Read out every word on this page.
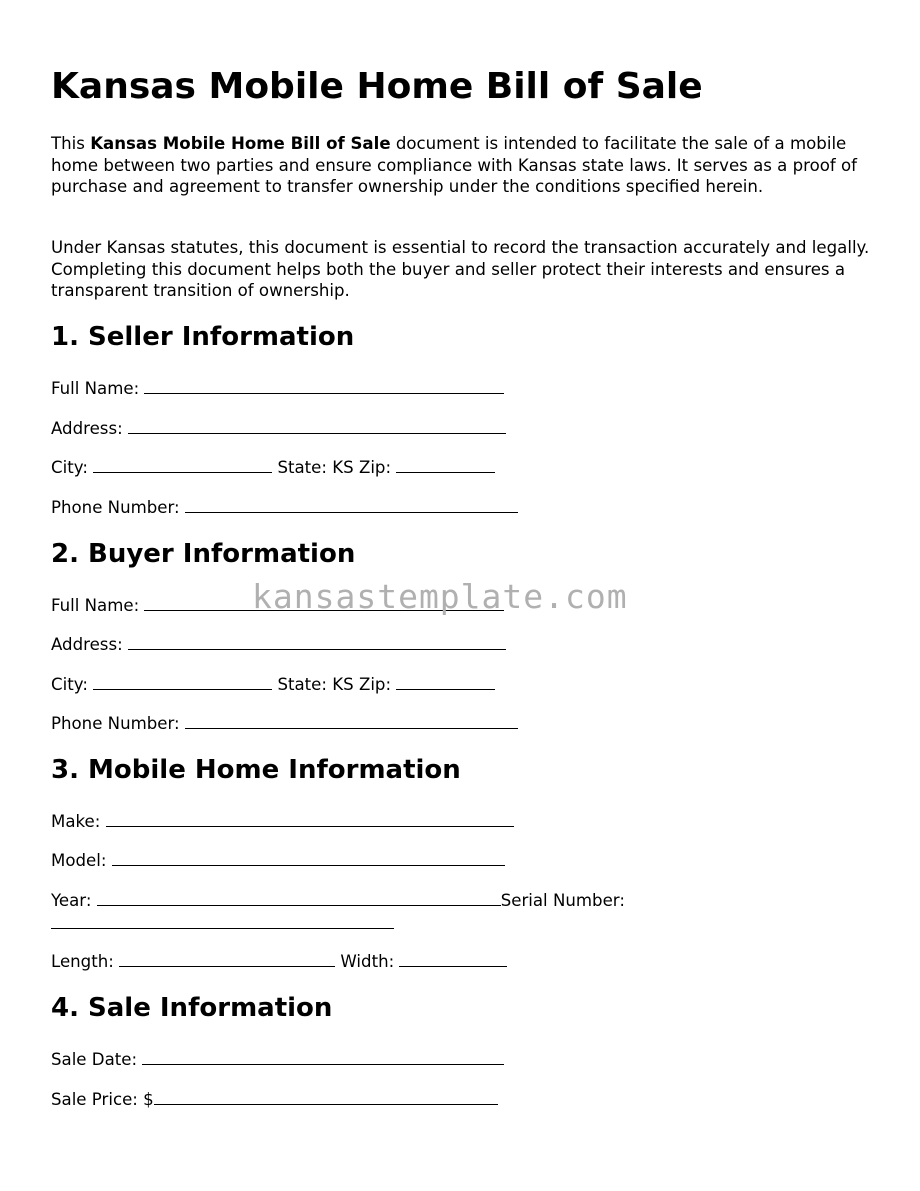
Kansas Mobile Home Bill of Sale

This Kansas Mobile Home Bill of Sale document is intended to facilitate the sale of a mobile home between two parties and ensure compliance with Kansas state laws. It serves as a proof of purchase and agreement to transfer ownership under the conditions specified herein.

Under Kansas statutes, this document is essential to record the transaction accurately and legally. Completing this document helps both the buyer and seller protect their interests and ensures a transparent transition of ownership.

1. Seller Information
Full Name:
Address:
City:	State: KS Zip:
Phone Number:
2. Buyer Information
Full Name:
Address:
City:	State: KS Zip:
Phone Number:
3. Mobile Home Information
Make:
Model:
Year:	Serial Number:
Length:	Width:
4. Sale Information
Sale Date:
Sale Price: $
kansastemplate.com
